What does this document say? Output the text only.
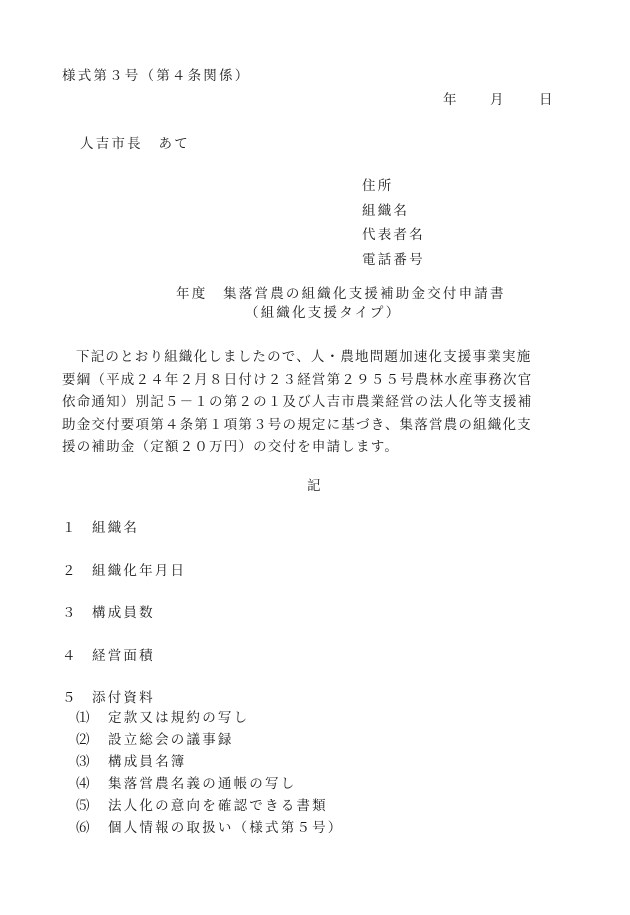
様式第３号（第４条関係）
年 月 日
人吉市長　あて
住所
組織名
代表者名
電話番号
年度　集落営農の組織化支援補助金交付申請書
（組織化支援タイプ）

下記のとおり組織化しましたので、人・農地問題加速化支援事業実施

要綱（平成２４年２月８日付け２３経営第２９５５号農林水産事務次官

依命通知）別記５－１の第２の１及び人吉市農業経営の法人化等支援補

助金交付要項第４条第１項第３号の規定に基づき、集落営農の組織化支

援の補助金（定額２０万円）の交付を申請します。

記
１ 組織名
２ 組織化年月日
３ 構成員数
４ 経営面積
５ 添付資料
⑴ 定款又は規約の写し
⑵ 設立総会の議事録
⑶ 構成員名簿
⑷ 集落営農名義の通帳の写し
⑸ 法人化の意向を確認できる書類
⑹ 個人情報の取扱い（様式第５号）
